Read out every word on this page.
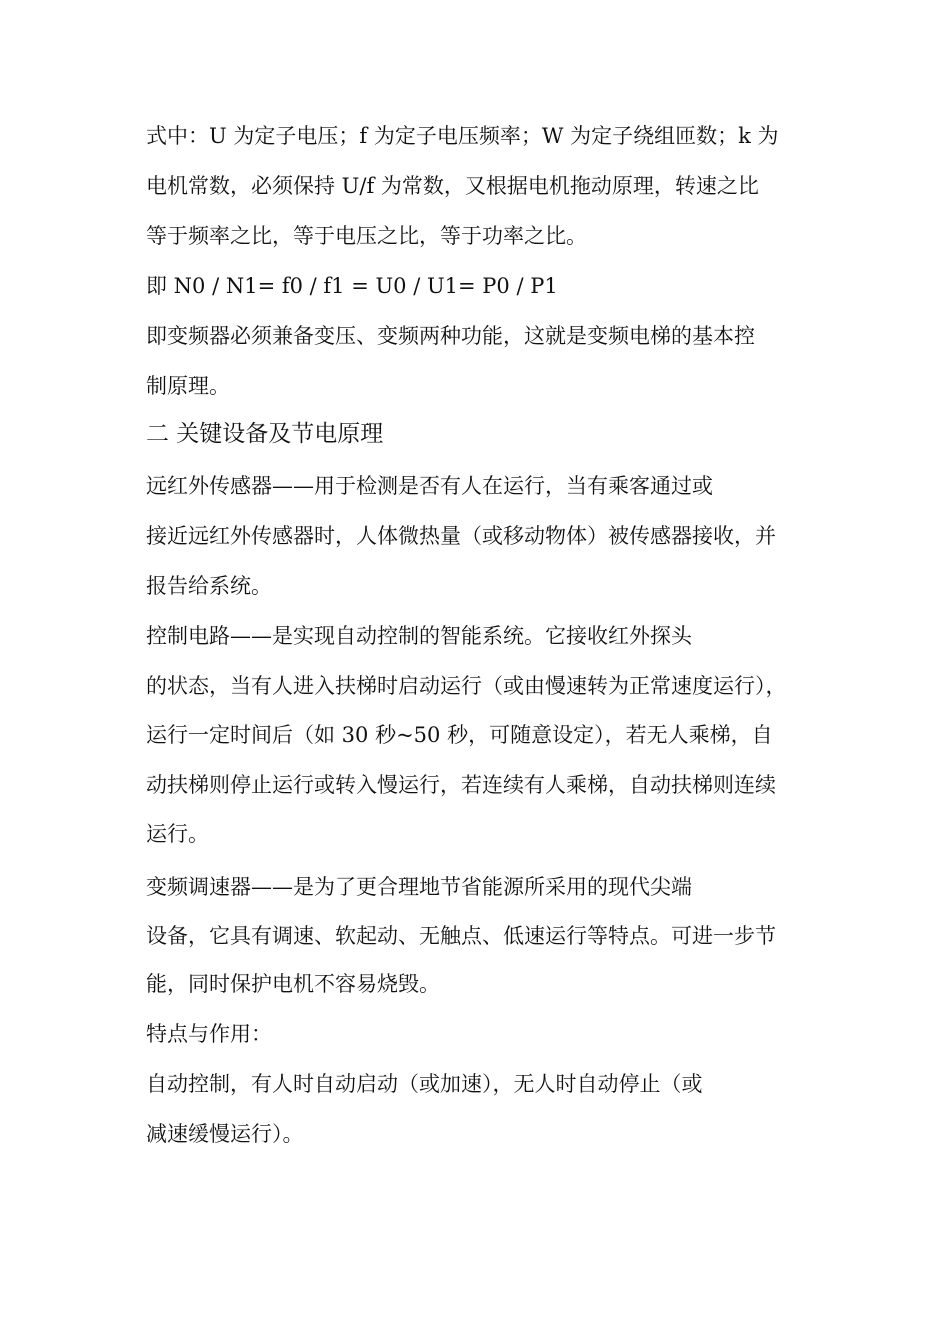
式中：U 为定子电压；f 为定子电压频率；W 为定子绕组匝数；k 为
电机常数，必须保持 U/f 为常数，又根据电机拖动原理，转速之比
等于频率之比，等于电压之比，等于功率之比。
即 N0 / N1= f0 / f1 = U0 / U1= P0 / P1
即变频器必须兼备变压、变频两种功能，这就是变频电梯的基本控
制原理。
二 关键设备及节电原理
远红外传感器——用于检测是否有人在运行，当有乘客通过或
接近远红外传感器时，人体微热量（或移动物体）被传感器接收，并
报告给系统。
控制电路——是实现自动控制的智能系统。它接收红外探头
的状态，当有人进入扶梯时启动运行（或由慢速转为正常速度运行），
运行一定时间后（如 30 秒~50 秒，可随意设定），若无人乘梯，自
动扶梯则停止运行或转入慢运行，若连续有人乘梯，自动扶梯则连续
运行。
变频调速器——是为了更合理地节省能源所采用的现代尖端
设备，它具有调速、软起动、无触点、低速运行等特点。可进一步节
能，同时保护电机不容易烧毁。
特点与作用：
自动控制，有人时自动启动（或加速），无人时自动停止（或
减速缓慢运行）。
